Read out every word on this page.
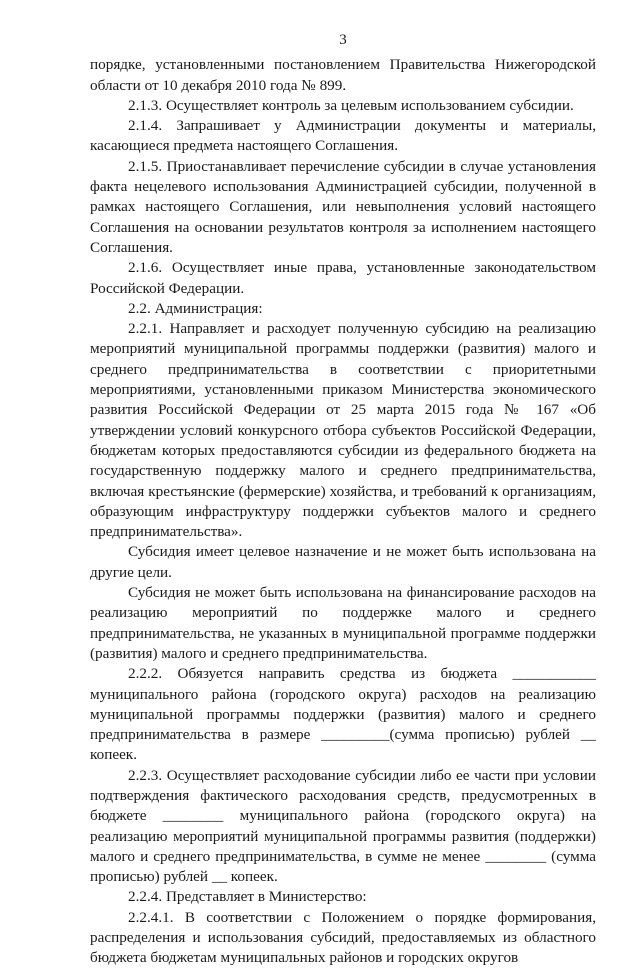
3

порядке, установленными постановлением Правительства Нижегородской области от 10 декабря 2010 года № 899.

2.1.3. Осуществляет контроль за целевым использованием субсидии.

2.1.4. Запрашивает у Администрации документы и материалы, касающиеся предмета настоящего Соглашения.

2.1.5. Приостанавливает перечисление субсидии в случае установления факта нецелевого использования Администрацией субсидии, полученной в рамках настоящего Соглашения, или невыполнения условий настоящего Соглашения на основании результатов контроля за исполнением настоящего Соглашения.

2.1.6. Осуществляет иные права, установленные законодательством Российской Федерации.

2.2. Администрация:

2.2.1. Направляет и расходует полученную субсидию на реализацию мероприятий муниципальной программы поддержки (развития) малого и среднего предпринимательства в соответствии с приоритетными мероприятиями, установленными приказом Министерства экономического развития Российской Федерации от 25 марта 2015 года № 167 «Об утверждении условий конкурсного отбора субъектов Российской Федерации, бюджетам которых предоставляются субсидии из федерального бюджета на государственную поддержку малого и среднего предпринимательства, включая крестьянские (фермерские) хозяйства, и требований к организациям, образующим инфраструктуру поддержки субъектов малого и среднего предпринимательства».

Субсидия имеет целевое назначение и не может быть использована на другие цели.

Субсидия не может быть использована на финансирование расходов на реализацию мероприятий по поддержке малого и среднего предпринимательства, не указанных в муниципальной программе поддержки (развития) малого и среднего предпринимательства.

2.2.2. Обязуется направить средства из бюджета ___________ муниципального района (городского округа) расходов на реализацию муниципальной программы поддержки (развития) малого и среднего предпринимательства в размере _________(сумма прописью) рублей __ копеек.

2.2.3. Осуществляет расходование субсидии либо ее части при условии подтверждения фактического расходования средств, предусмотренных в бюджете ________ муниципального района (городского округа) на реализацию мероприятий муниципальной программы развития (поддержки) малого и среднего предпринимательства, в сумме не менее ________ (сумма прописью) рублей __ копеек.

2.2.4. Представляет в Министерство:

2.2.4.1. В соответствии с Положением о порядке формирования, распределения и использования субсидий, предоставляемых из областного бюджета бюджетам муниципальных районов и городских округов
